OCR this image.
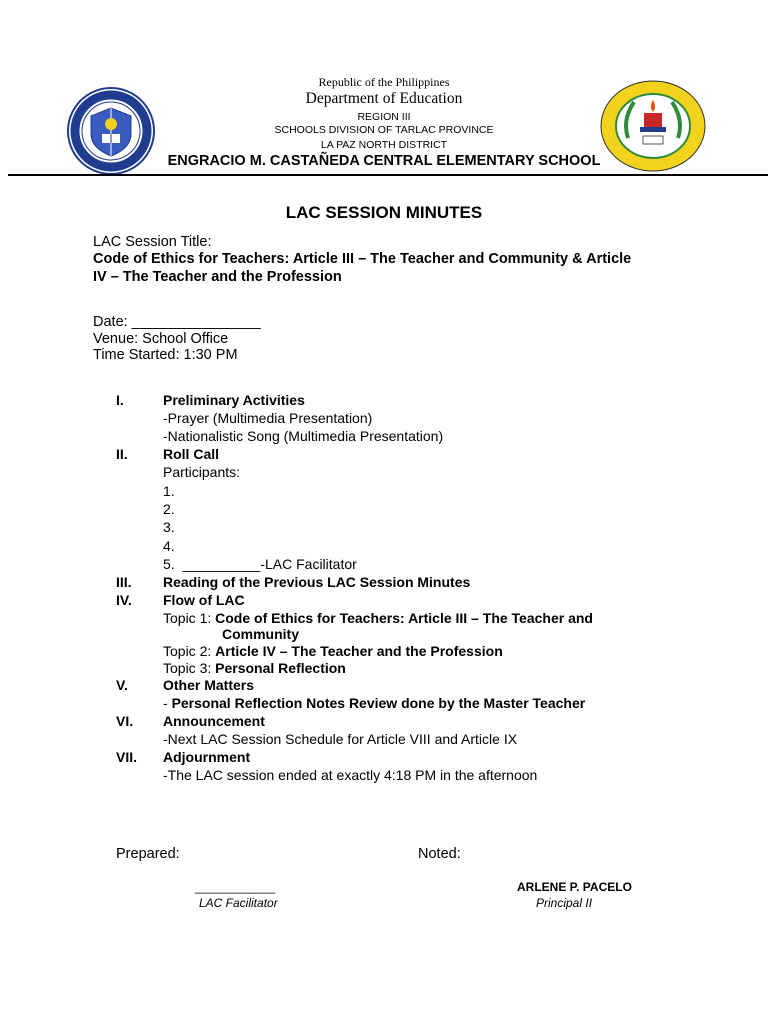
Republic of the Philippines
Department of Education
REGION III
SCHOOLS DIVISION OF TARLAC PROVINCE
LA PAZ NORTH DISTRICT
ENGRACIO M. CASTAÑEDA CENTRAL ELEMENTARY SCHOOL
LAC SESSION MINUTES
LAC Session Title:
Code of Ethics for Teachers: Article III – The Teacher and Community & Article
IV – The Teacher and the Profession
Date: ________________
Venue: School Office
Time Started: 1:30 PM
I.	Preliminary Activities
-Prayer (Multimedia Presentation)
-Nationalistic Song (Multimedia Presentation)
II.	Roll Call
Participants:
1.
2.
3.
4.
5.  __________-LAC Facilitator
III.	Reading of the Previous LAC Session Minutes
IV.	Flow of LAC
Topic 1: Code of Ethics for Teachers: Article III – The Teacher and
Community
Topic 2: Article IV – The Teacher and the Profession
Topic 3: Personal Reflection
V.	Other Matters
- Personal Reflection Notes Review done by the Master Teacher
VI.	Announcement
-Next LAC Session Schedule for Article VIII and Article IX
VII.	Adjournment
-The LAC session ended at exactly 4:18 PM in the afternoon
Prepared:	Noted:
____________
LAC Facilitator
ARLENE P. PACELO
Principal II
